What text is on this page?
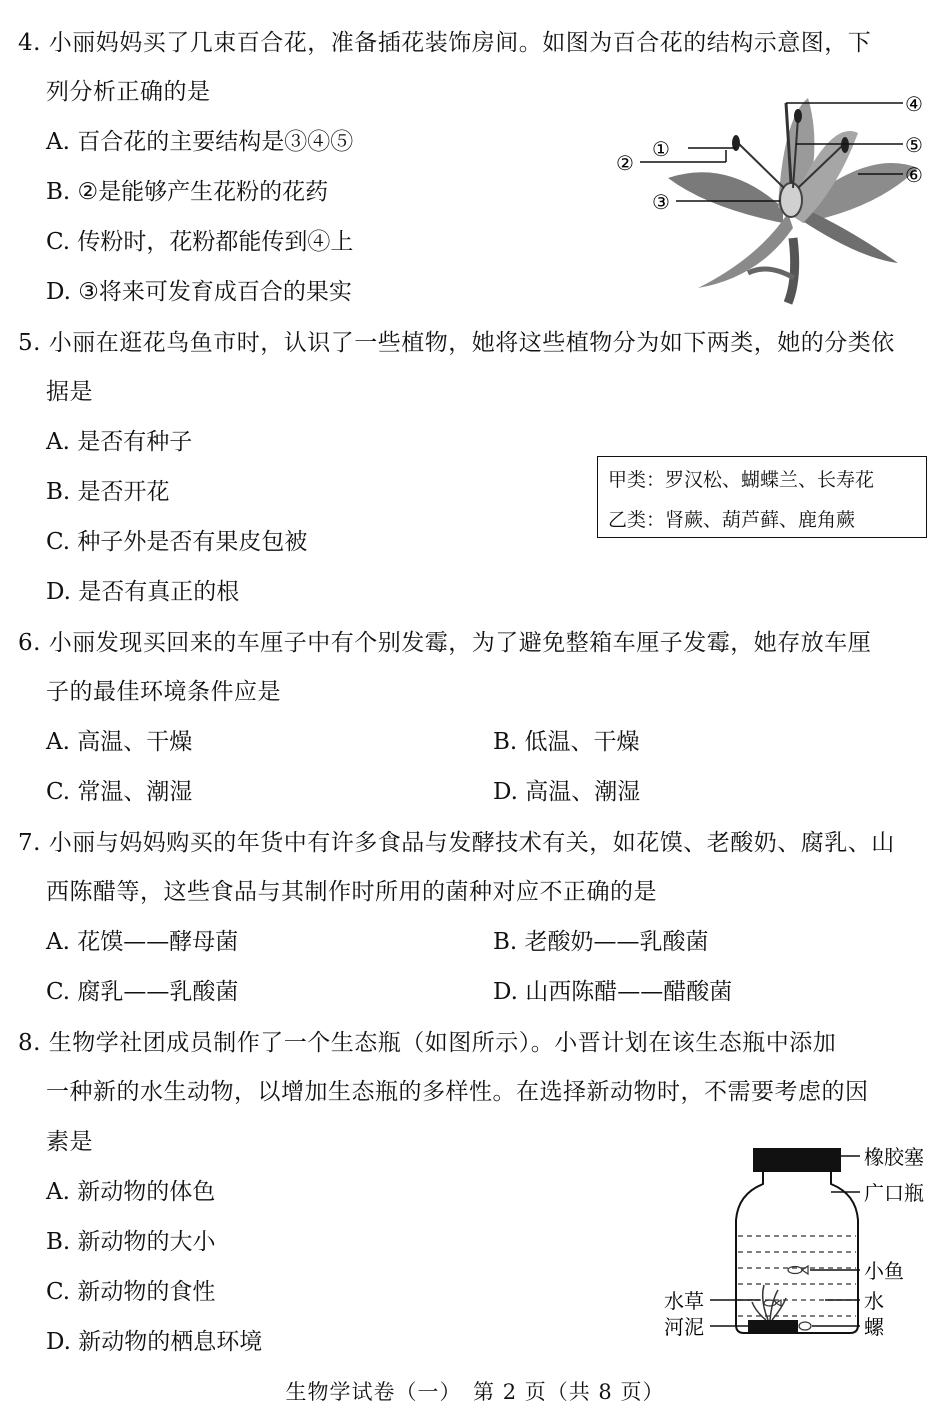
4. 小丽妈妈买了几束百合花，准备插花装饰房间。如图为百合花的结构示意图，下
列分析正确的是
A. 百合花的主要结构是③④⑤
B. ②是能够产生花粉的花药
C. 传粉时，花粉都能传到④上
D. ③将来可发育成百合的果实
①
②
③
④
⑤
⑥
5. 小丽在逛花鸟鱼市时，认识了一些植物，她将这些植物分为如下两类，她的分类依
据是
A. 是否有种子
B. 是否开花
C. 种子外是否有果皮包被
D. 是否有真正的根
甲类：罗汉松、蝴蝶兰、长寿花
乙类：肾蕨、葫芦藓、鹿角蕨
6. 小丽发现买回来的车厘子中有个别发霉，为了避免整箱车厘子发霉，她存放车厘
子的最佳环境条件应是
A. 高温、干燥	B. 低温、干燥
C. 常温、潮湿	D. 高温、潮湿
7. 小丽与妈妈购买的年货中有许多食品与发酵技术有关，如花馍、老酸奶、腐乳、山
西陈醋等，这些食品与其制作时所用的菌种对应不正确的是
A. 花馍——酵母菌	B. 老酸奶——乳酸菌
C. 腐乳——乳酸菌	D. 山西陈醋——醋酸菌
8. 生物学社团成员制作了一个生态瓶（如图所示）。小晋计划在该生态瓶中添加
一种新的水生动物，以增加生态瓶的多样性。在选择新动物时，不需要考虑的因
素是
A. 新动物的体色
B. 新动物的大小
C. 新动物的食性
D. 新动物的栖息环境
橡胶塞
广口瓶
小鱼
水
螺
水草
河泥
生物学试卷（一）　第 2 页（共 8 页）
